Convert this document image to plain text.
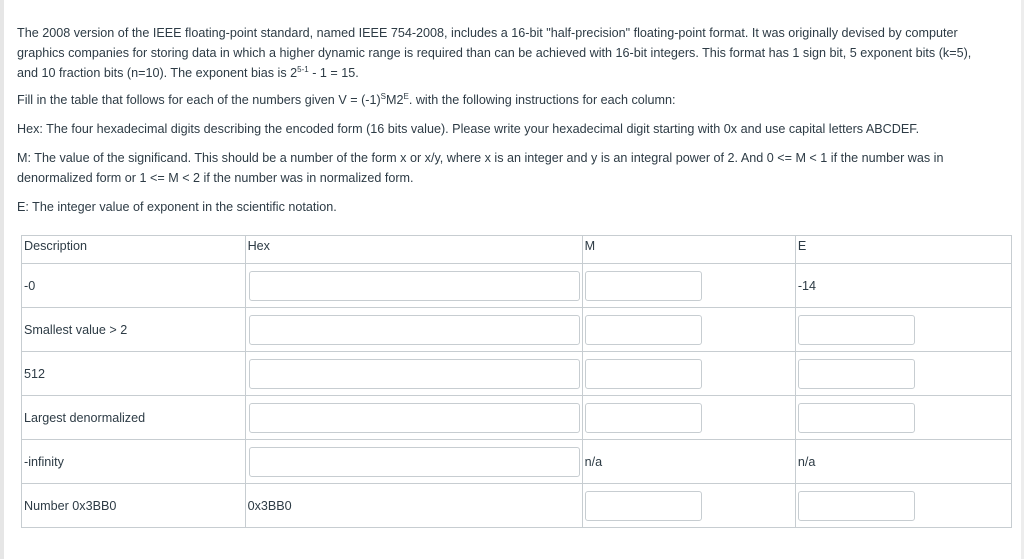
The 2008 version of the IEEE floating-point standard, named IEEE 754-2008, includes a 16-bit "half-precision" floating-point format. It was originally devised by computer graphics companies for storing data in which a higher dynamic range is required than can be achieved with 16-bit integers. This format has 1 sign bit, 5 exponent bits (k=5), and 10 fraction bits (n=10). The exponent bias is 2$^{5-1}$ - 1 = 15.

Fill in the table that follows for each of the numbers given $V = (-1)^SM2^E$. with the following instructions for each column:

Hex: The four hexadecimal digits describing the encoded form (16 bits value). Please write your hexadecimal digit starting with 0x and use capital letters ABCDEF.

M: The value of the significand. This should be a number of the form x or x/y, where x is an integer and y is an integral power of 2. And 0 <= M < 1 if the number was in denormalized form or 1 <= M < 2 if the number was in normalized form.

E: The integer value of exponent in the scientific notation.

Description	Hex	M	E
-0			-14
Smallest value > 2	

512	

Largest denormalized	

-infinity		n/a	n/a
Number 0x3BB0	0x3BB0	
